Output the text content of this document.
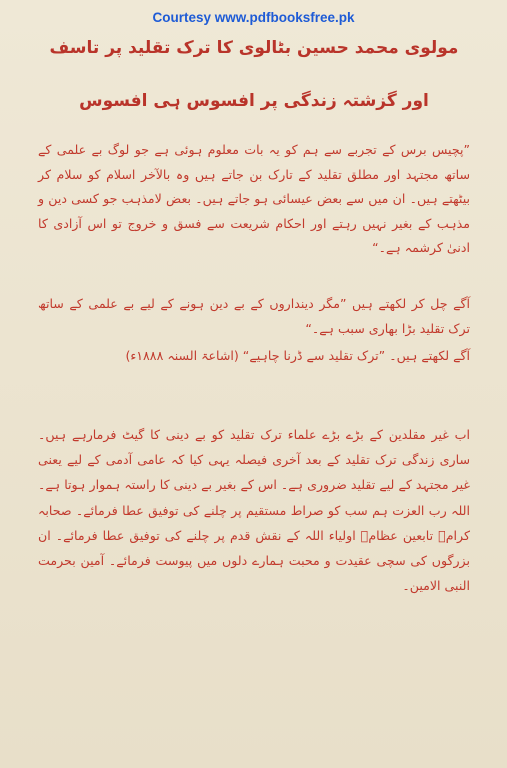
Courtesy www.pdfbooksfree.pk
مولوی محمد حسین بٹالوی کا ترک تقلید پر تاسف
اور گزشتہ زندگی پر افسوس ہی افسوس

”پچیس برس کے تجربے سے ہم کو یہ بات معلوم ہوئی ہے جو لوگ بے علمی کے ساتھ مجتہد اور مطلق تقلید کے تارک بن جاتے ہیں وہ بالآخر اسلام کو سلام کر بیٹھتے ہیں۔ ان میں سے بعض عیسائی ہو جاتے ہیں۔ بعض لامذہب جو کسی دین و مذہب کے بغیر نہیں رہتے اور احکام شریعت سے فسق و خروج تو اس آزادی کا ادنیٰ کرشمہ ہے۔“

آگے چل کر لکھتے ہیں ”مگر دینداروں کے بے دین ہونے کے لیے بے علمی کے ساتھ ترک تقلید بڑا بھاری سبب ہے۔“

آگے لکھتے ہیں۔ ”ترک تقلید سے ڈرنا چاہیے“ (اشاعۃ السنہ ۱۸۸۸ء)

اب غیر مقلدین کے بڑے بڑے علماء ترک تقلید کو بے دینی کا گیٹ فرمارہے ہیں۔ ساری زندگی ترک تقلید کے بعد آخری فیصلہ یہی کیا کہ عامی آدمی کے لیے یعنی غیر مجتہد کے لیے تقلید ضروری ہے۔ اس کے بغیر بے دینی کا راستہ ہموار ہوتا ہے۔ اللہ رب العزت ہم سب کو صراط مستقیم پر چلنے کی توفیق عطا فرمائے۔ صحابہ کرامؓ تابعین عظامؒ اولیاء اللہ کے نقش قدم پر چلنے کی توفیق عطا فرمائے۔ ان بزرگوں کی سچی عقیدت و محبت ہمارے دلوں میں پیوست فرمائے۔ آمین بحرمت النبی الامین۔
